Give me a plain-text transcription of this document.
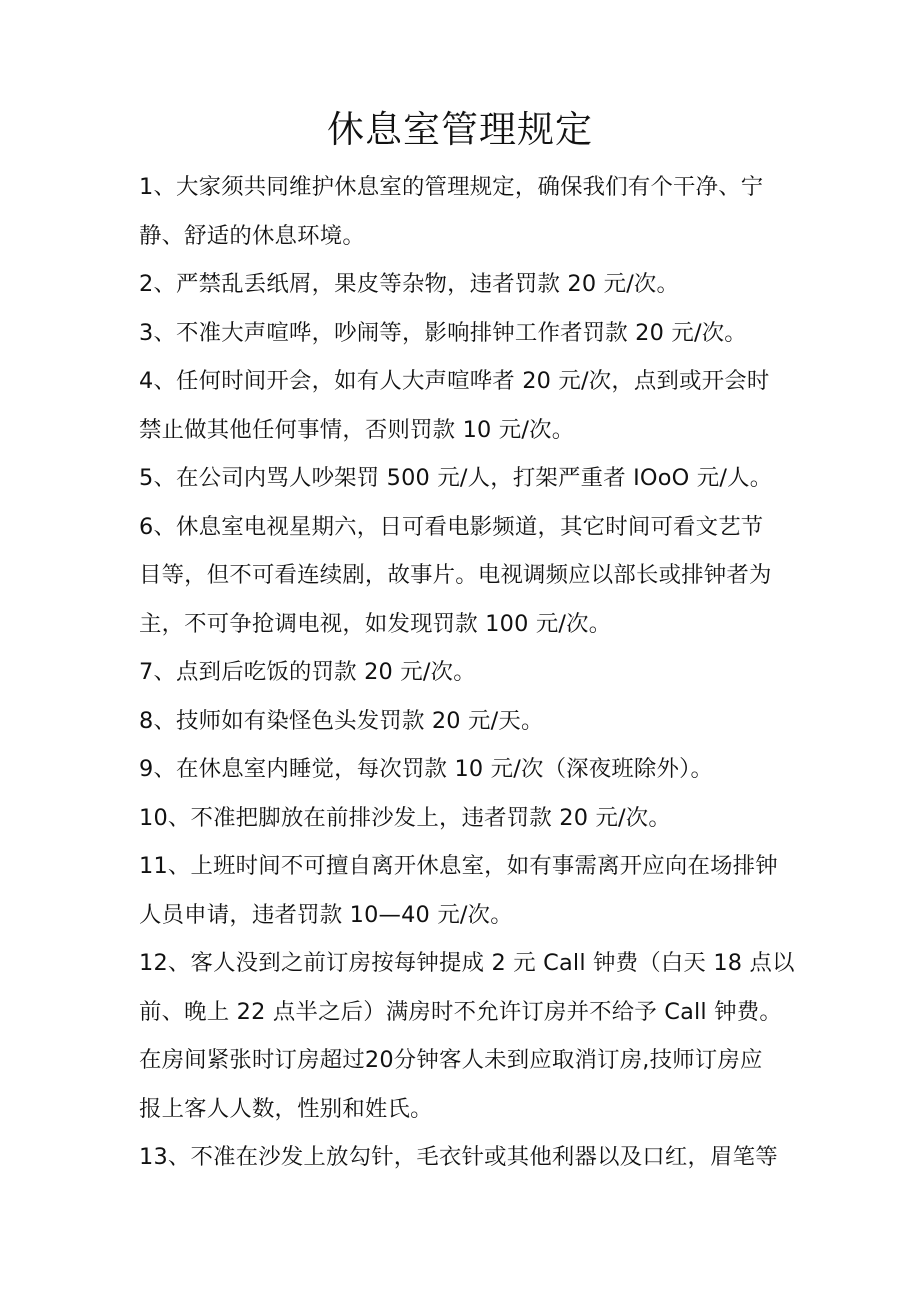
休息室管理规定

1、大家须共同维护休息室的管理规定，确保我们有个干净、宁
静、舒适的休息环境。

2、严禁乱丢纸屑，果皮等杂物，违者罚款 20 元/次。

3、不准大声喧哗，吵闹等，影响排钟工作者罚款 20 元/次。

4、任何时间开会，如有人大声喧哗者 20 元/次，点到或开会时
禁止做其他任何事情，否则罚款 10 元/次。

5、在公司内骂人吵架罚 500 元/人，打架严重者 IOoO 元/人。

6、休息室电视星期六，日可看电影频道，其它时间可看文艺节
目等，但不可看连续剧，故事片。电视调频应以部长或排钟者为
主，不可争抢调电视，如发现罚款 100 元/次。

7、点到后吃饭的罚款 20 元/次。

8、技师如有染怪色头发罚款 20 元/天。

9、在休息室内睡觉，每次罚款 10 元/次（深夜班除外）。

10、不准把脚放在前排沙发上，违者罚款 20 元/次。

11、上班时间不可擅自离开休息室，如有事需离开应向在场排钟
人员申请，违者罚款 10—40 元/次。

12、客人没到之前订房按每钟提成 2 元 Call 钟费（白天 18 点以
前、晚上 22 点半之后）满房时不允许订房并不给予 Call 钟费。
在房间紧张时订房超过20分钟客人未到应取消订房,技师订房应
报上客人人数，性别和姓氏。

13、不准在沙发上放勾针，毛衣针或其他利器以及口红，眉笔等
